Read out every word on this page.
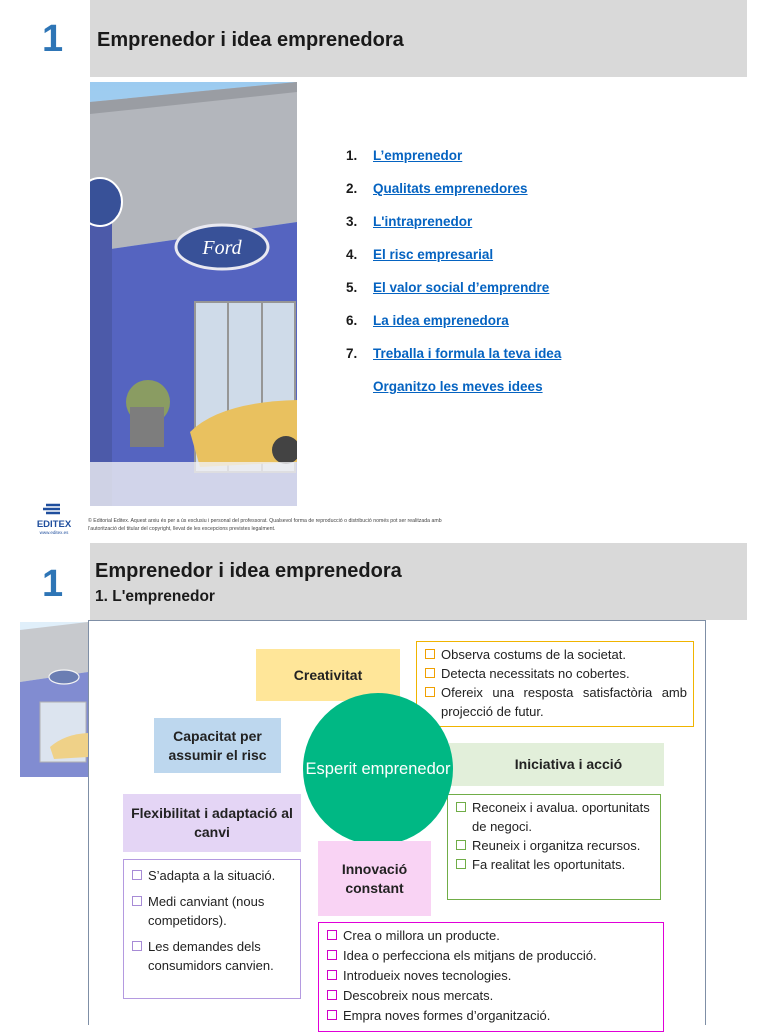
1 Emprenedor i idea emprenedora
Ford
1.	L’emprenedor
2.	Qualitats emprenedores
3.	L'intraprenedor
4.	El risc empresarial
5.	El valor social d’emprendre
6.	La idea emprenedora
7.	Treballa i formula la teva idea
Organitzo les meves idees
EDITEX
www.editex.es
© Editorial Editex. Aquest arxiu és per a ús exclusiu i personal del professorat. Qualsevol forma de reproducció o distribució només pot ser realitzada amb l’autorització del titular del copyright, llevat de les excepcions previstes legalment.
1 Emprenedor i idea emprenedora
1. L'emprenedor
Creativitat
Observa costums de la societat.
Detecta necessitats no cobertes.
Ofereix una resposta satisfactòria amb projecció de futur.
Capacitat per assumir el risc
Iniciativa i acció
Reconeix i avalua. oportunitats de negoci.
Reuneix i organitza recursos.
Fa realitat les oportunitats.
Flexibilitat i adaptació al canvi
S’adapta a la situació.
Medi canviant (nous competidors).
Les demandes dels consumidors canvien.
Esperit emprenedor
Innovació constant
Crea o millora un producte.
Idea o perfecciona els mitjans de producció.
Introdueix noves tecnologies.
Descobreix nous mercats.
Empra noves formes d’organització.
